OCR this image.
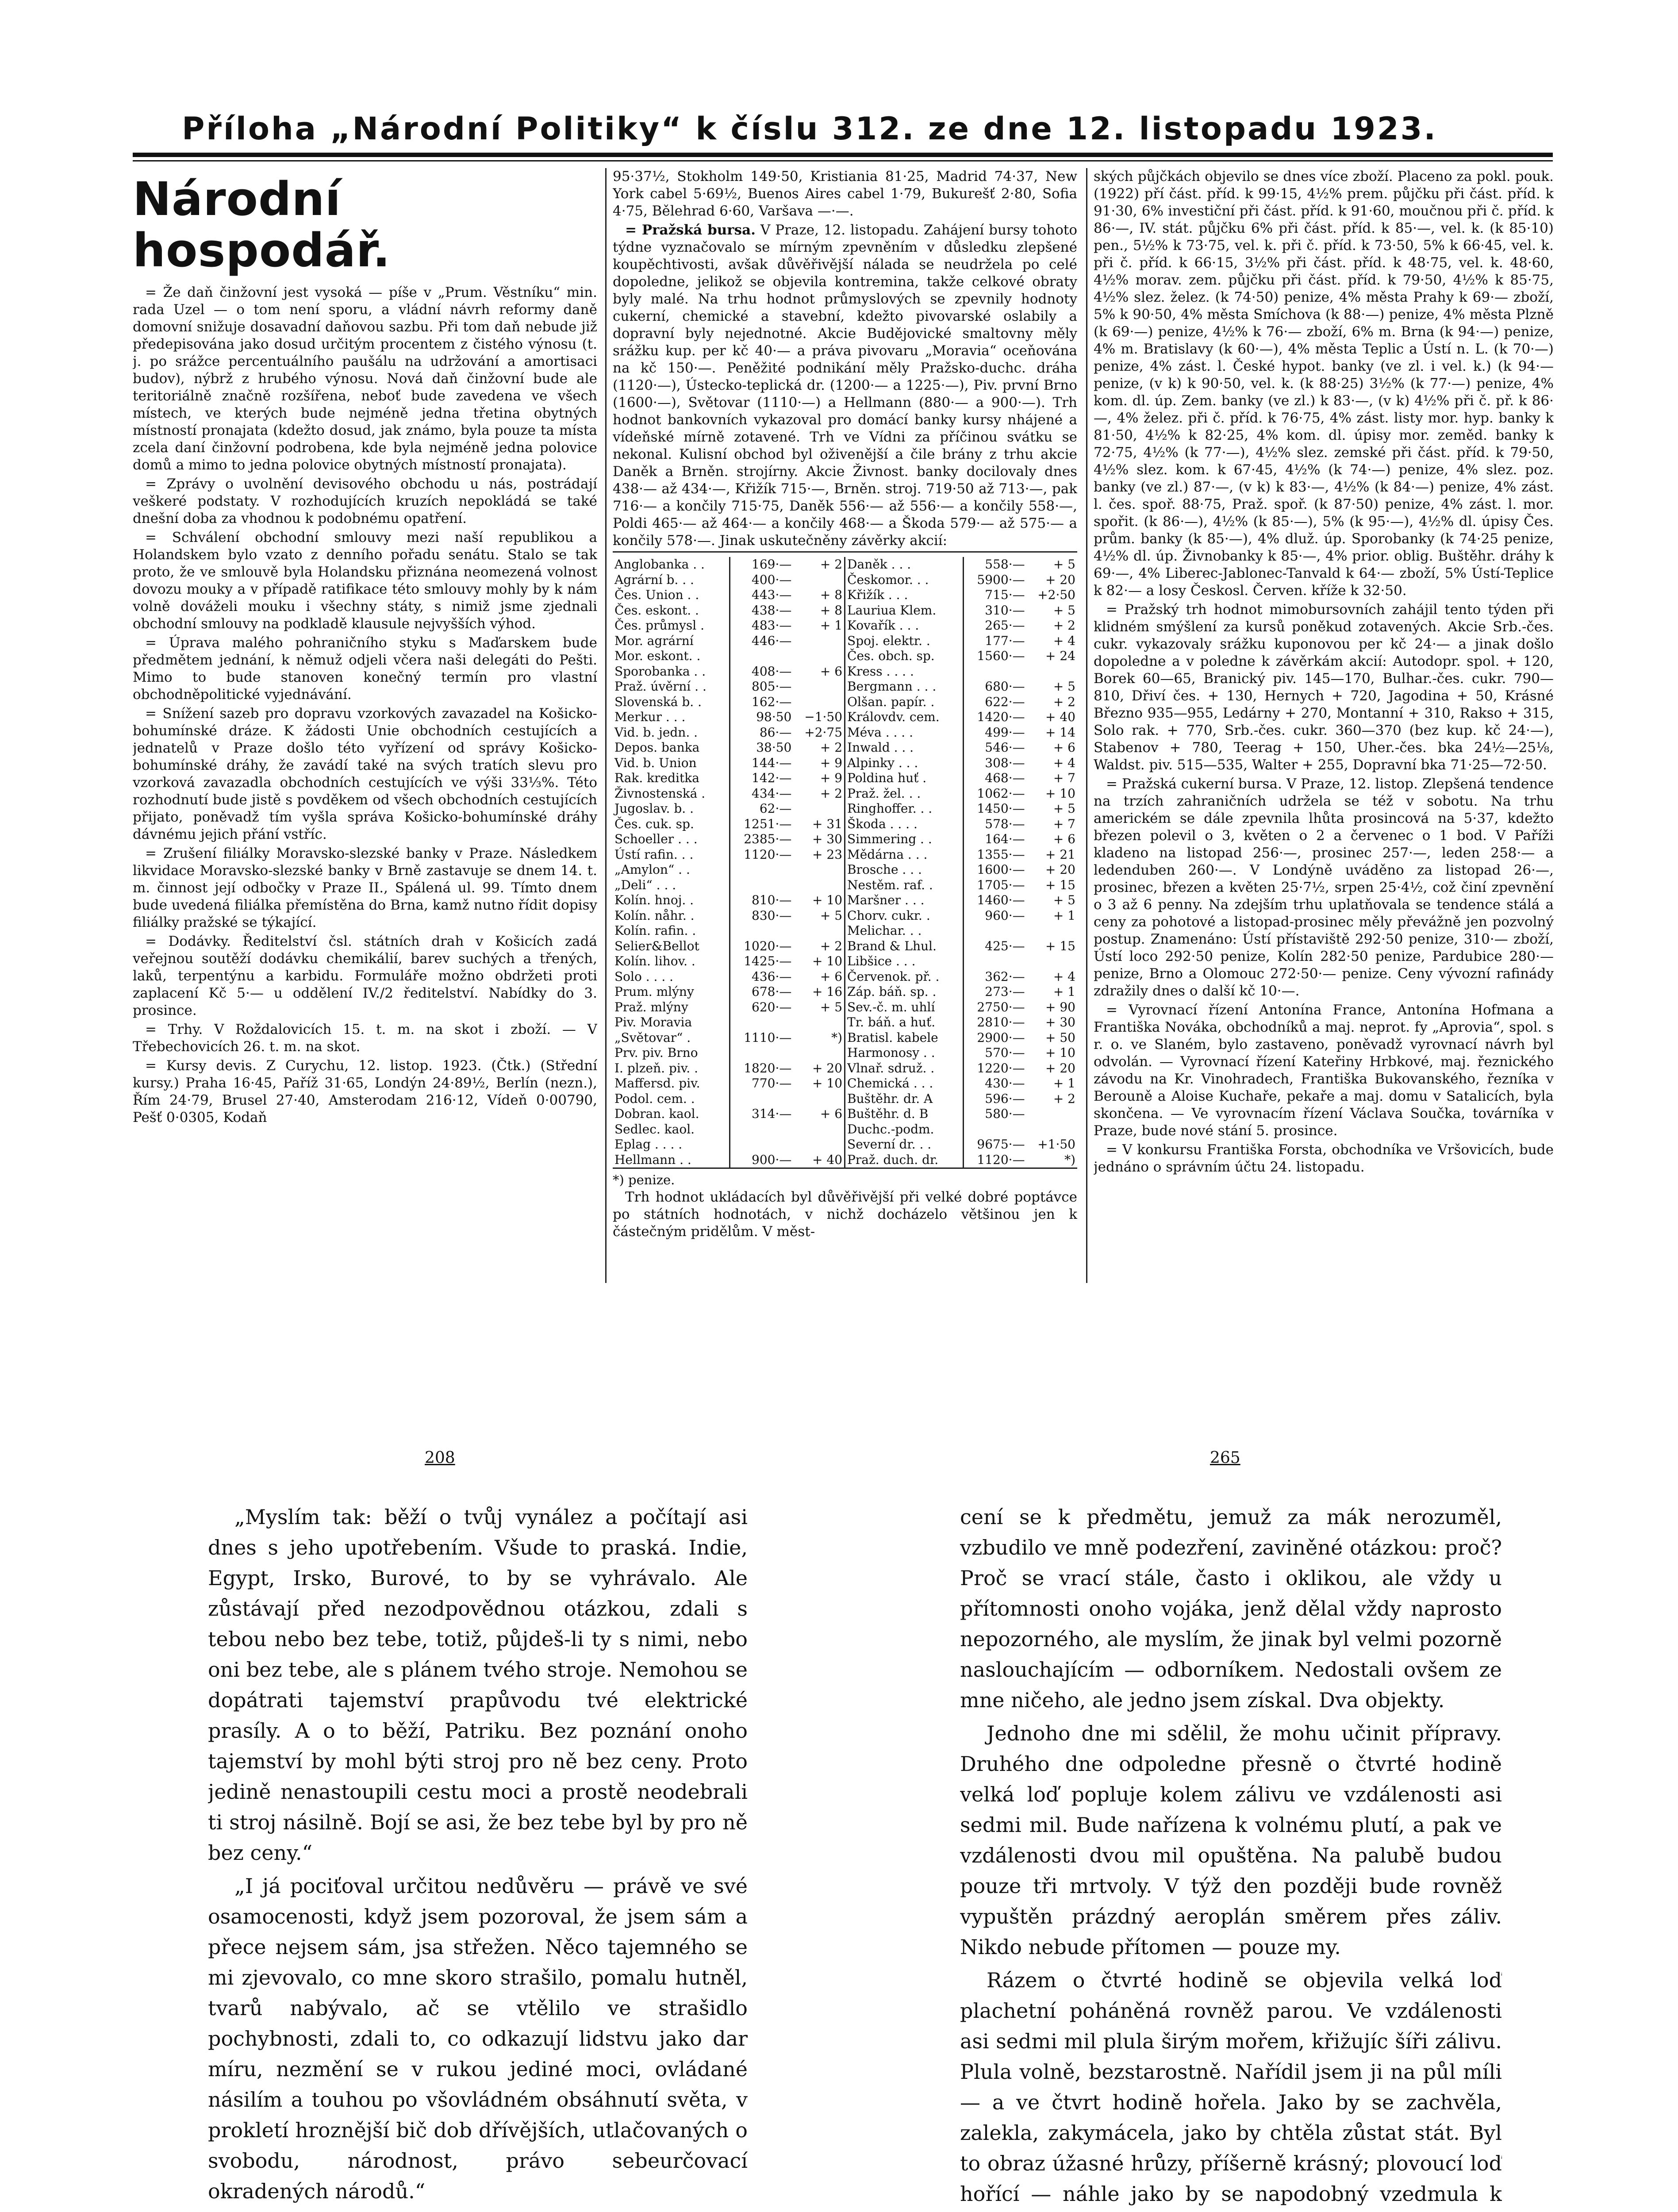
Příloha „Národní Politiky“ k číslu 312. ze dne 12. listopadu 1923.
Národní hospodář.

= Že daň činžovní jest vysoká — píše v „Prum. Věstníku“ min. rada Uzel — o tom není sporu, a vládní návrh reformy daně domovní snižuje dosavadní daňovou sazbu. Při tom daň nebude již předepisována jako dosud určitým procentem z čistého výnosu (t. j. po srážce percentuálního paušálu na udržování a amortisaci budov), nýbrž z hrubého výnosu. Nová daň činžovní bude ale teritoriálně značně rozšířena, neboť bude zavedena ve všech místech, ve kterých bude nejméně jedna třetina obytných místností pronajata (kdežto dosud, jak známo, byla pouze ta místa zcela daní činžovní podrobena, kde byla nejméně jedna polovice domů a mimo to jedna polovice obytných místností pronajata).

= Zprávy o uvolnění devisového obchodu u nás, postrádají veškeré podstaty. V rozhodujících kruzích nepokládá se také dnešní doba za vhodnou k podobnému opatření.

= Schválení obchodní smlouvy mezi naší republikou a Holandskem bylo vzato z denního pořadu senátu. Stalo se tak proto, že ve smlouvě byla Holandsku přiznána neomezená volnost dovozu mouky a v případě ratifikace této smlouvy mohly by k nám volně dováželi mouku i všechny státy, s nimiž jsme zjednali obchodní smlouvy na podkladě klausule nejvyšších výhod.

= Úprava malého pohraničního styku s Maďarskem bude předmětem jednání, k němuž odjeli včera naši delegáti do Pešti. Mimo to bude stanoven konečný termín pro vlastní obchodněpolitické vyjednávání.

= Snížení sazeb pro dopravu vzorkových zavazadel na Košicko-bohumínské dráze. K žádosti Unie obchodních cestujících a jednatelů v Praze došlo této vyřízení od správy Košicko-bohumínské dráhy, že zavádí také na svých tratích slevu pro vzorková zavazadla obchodních cestujících ve výši 33⅓%. Této rozhodnutí bude jistě s povděkem od všech obchodních cestujících přijato, poněvadž tím vyšla správa Košicko-bohumínské dráhy dávnému jejich přání vstříc.

= Zrušení filiálky Moravsko-slezské banky v Praze. Následkem likvidace Moravsko-slezské banky v Brně zastavuje se dnem 14. t. m. činnost její odbočky v Praze II., Spálená ul. 99. Tímto dnem bude uvedená filiálka přemístěna do Brna, kamž nutno řídit dopisy filiálky pražské se týkající.

= Dodávky. Ředitelství čsl. státních drah v Košicích zadá veřejnou soutěží dodávku chemikálií, barev suchých a třených, laků, terpentýnu a karbidu. Formuláře možno obdržeti proti zaplacení Kč 5·— u oddělení IV./2 ředitelství. Nabídky do 3. prosince.

= Trhy. V Roždalovicích 15. t. m. na skot i zboží. — V Třebechovicích 26. t. m. na skot.

= Kursy devis. Z Curychu, 12. listop. 1923. (Čtk.) (Střední kursy.) Praha 16·45, Paříž 31·65, Londýn 24·89½, Berlín (nezn.), Řím 24·79, Brusel 27·40, Amsterodam 216·12, Vídeň 0·00790, Pešť 0·0305, Kodaň

95·37½, Stokholm 149·50, Kristiania 81·25, Madrid 74·37, New York cabel 5·69½, Buenos Aires cabel 1·79, Bukurešť 2·80, Sofia 4·75, Bělehrad 6·60, Varšava —·—.

= Pražská bursa. V Praze, 12. listopadu. Zahájení bursy tohoto týdne vyznačovalo se mírným zpevněním v důsledku zlepšené koupěchtivosti, avšak důvěřivější nálada se neudržela po celé dopoledne, jelikož se objevila kontremina, takže celkové obraty byly malé. Na trhu hodnot průmyslových se zpevnily hodnoty cukerní, chemické a stavební, kdežto pivovarské oslabily a dopravní byly nejednotné. Akcie Budějovické smaltovny měly srážku kup. per kč 40·— a práva pivovaru „Moravia“ oceňována na kč 150·—. Peněžité podnikání měly Pražsko-duchc. dráha (1120·—), Ústecko-teplická dr. (1200·— a 1225·—), Piv. první Brno (1600·—), Světovar (1110·—) a Hellmann (880·— a 900·—). Trh hodnot bankovních vykazoval pro domácí banky kursy nhájené a vídeňské mírně zotavené. Trh ve Vídni za příčinou svátku se nekonal. Kulisní obchod byl oživenější a čile brány z trhu akcie Daněk a Brněn. strojírny. Akcie Živnost. banky docilovaly dnes 438·— až 434·—, Křižík 715·—, Brněn. stroj. 719·50 až 713·—, pak 716·— a končily 715·75, Daněk 556·— až 556·— a končily 558·—, Poldi 465·— až 464·— a končily 468·— a Škoda 579·— až 575·— a končily 578·—. Jinak uskutečněny závěrky akcií:

Anglobanka . .	169·—	+ 2	Daněk . . .	558·—	+ 5
Agrární b. . .	400·—		Českomor. . .	5900·—	+ 20
Čes. Union . .	443·—	+ 8	Křižík . . .	715·—	+2·50
Čes. eskont. .	438·—	+ 8	Lauriua Klem.	310·—	+ 5
Čes. průmysl .	483·—	+ 1	Kovařík . . .	265·—	+ 2
Mor. agrární	446·—		Spoj. elektr. .	177·—	+ 4
Mor. eskont. .			Čes. obch. sp.	1560·—	+ 24
Sporobanka . .	408·—	+ 6	Kress . . . .		
Praž. úvěrní . .	805·—		Bergmann . . .	680·—	+ 5
Slovenská b. .	162·—		Olšan. papír. .	622·—	+ 2
Merkur . . .	98·50	−1·50	Královdv. cem.	1420·—	+ 40
Vid. b. jedn. .	86·—	+2·75	Méva . . . .	499·—	+ 14
Depos. banka	38·50	+ 2	Inwald . . .	546·—	+ 6
Vid. b. Union	144·—	+ 9	Alpinky . . .	308·—	+ 4
Rak. kreditka	142·—	+ 9	Poldina huť .	468·—	+ 7
Živnostenská .	434·—	+ 2	Praž. žel. . .	1062·—	+ 10
Jugoslav. b. .	62·—		Ringhoffer. . .	1450·—	+ 5
Čes. cuk. sp.	1251·—	+ 31	Škoda . . . .	578·—	+ 7
Schoeller . . .	2385·—	+ 30	Simmering . .	164·—	+ 6
Ústí rafin. . .	1120·—	+ 23	Mědárna . . .	1355·—	+ 21
„Amylon“ . .			Brosche . . .	1600·—	+ 20
„Deli“ . . .			Nestěm. raf. .	1705·—	+ 15
Kolín. hnoj. .	810·—	+ 10	Maršner . . .	1460·—	+ 5
Kolín. nåhr. .	830·—	+ 5	Chorv. cukr. .	960·—	+ 1
Kolín. rafin. .			Melichar. . .		
Selier&Bellot	1020·—	+ 2	Brand & Lhul.	425·—	+ 15
Kolín. lihov. .	1425·—	+ 10	Libšice . . .		
Solo . . . .	436·—	+ 6	Červenok. př. .	362·—	+ 4
Prum. mlýny	678·—	+ 16	Záp. báň. sp. .	273·—	+ 1
Praž. mlýny	620·—	+ 5	Sev.-č. m. uhlí	2750·—	+ 90
Piv. Moravia			Tr. báň. a huť.	2810·—	+ 30
„Světovar“ .	1110·—	*)	Bratisl. kabele	2900·—	+ 50
Prv. piv. Brno			Harmonosy . .	570·—	+ 10
I. plzeň. piv. .	1820·—	+ 20	Vlnař. sdruž. .	1220·—	+ 20
Maffersd. piv.	770·—	+ 10	Chemická . . .	430·—	+ 1
Podol. cem. .			Buštěhr. dr. A	596·—	+ 2
Dobran. kaol.	314·—	+ 6	Buštěhr. d. B	580·—	
Sedlec. kaol.			Duchc.-podm.		
Eplag . . . .			Severní dr. . .	9675·—	+1·50
Hellmann . .	900·—	+ 40	Praž. duch. dr.	1120·—	*)
*) penize.

Trh hodnot ukládacích byl důvěřivější při velké dobré poptávce po státních hodnotách, v nichž docházelo většinou jen k částečným pridělům. V měst-

ských půjčkách objevilo se dnes více zboží. Placeno za pokl. pouk. (1922) pří část. příd. k 99·15, 4½% prem. půjčku při část. příd. k 91·30, 6% investiční při část. příd. k 91·60, moučnou při č. příd. k 86·—, IV. stát. půjčku 6% při část. příd. k 85·—, vel. k. (k 85·10) pen., 5½% k 73·75, vel. k. při č. příd. k 73·50, 5% k 66·45, vel. k. při č. příd. k 66·15, 3½% při část. příd. k 48·75, vel. k. 48·60, 4½% morav. zem. půjčku při část. příd. k 79·50, 4½% k 85·75, 4½% slez. želez. (k 74·50) penize, 4% města Prahy k 69·— zboží, 5% k 90·50, 4% města Smíchova (k 88·—) penize, 4% města Plzně (k 69·—) penize, 4½% k 76·— zboží, 6% m. Brna (k 94·—) penize, 4% m. Bratislavy (k 60·—), 4% města Teplic a Ústí n. L. (k 70·—) penize, 4% zást. l. České hypot. banky (ve zl. i vel. k.) (k 94·— penize, (v k) k 90·50, vel. k. (k 88·25) 3½% (k 77·—) penize, 4% kom. dl. úp. Zem. banky (ve zl.) k 83·—, (v k) 4½% při č. př. k 86·—, 4% želez. při č. příd. k 76·75, 4% zást. listy mor. hyp. banky k 81·50, 4½% k 82·25, 4% kom. dl. úpisy mor. zeměd. banky k 72·75, 4½% (k 77·—), 4½% slez. zemské při část. příd. k 79·50, 4½% slez. kom. k 67·45, 4½% (k 74·—) penize, 4% slez. poz. banky (ve zl.) 87·—, (v k) k 83·—, 4½% (k 84·—) penize, 4% zást. l. čes. spoř. 88·75, Praž. spoř. (k 87·50) penize, 4% zást. l. mor. spořit. (k 86·—), 4½% (k 85·—), 5% (k 95·—), 4½% dl. úpisy Čes. prům. banky (k 85·—), 4% dluž. úp. Sporobanky (k 74·25 penize, 4½% dl. úp. Živnobanky k 85·—, 4% prior. oblig. Buštěhr. dráhy k 69·—, 4% Liberec-Jablonec-Tanvald k 64·— zboží, 5% Ústí-Teplice k 82·— a losy Českosl. Červen. kříže k 32·50.

= Pražský trh hodnot mimobursovních zahájil tento týden při klidném smýšlení za kursů poněkud zotavených. Akcie Srb.-čes. cukr. vykazovaly srážku kuponovou per kč 24·— a jinak došlo dopoledne a v poledne k závěrkám akcií: Autodopr. spol. + 120, Borek 60—65, Branický piv. 145—170, Bulhar.-čes. cukr. 790—810, Dřiví čes. + 130, Hernych + 720, Jagodina + 50, Krásné Březno 935—955, Ledárny + 270, Montanní + 310, Rakso + 315, Solo rak. + 770, Srb.-čes. cukr. 360—370 (bez kup. kč 24·—), Stabenov + 780, Teerag + 150, Uher.-čes. bka 24½—25⅛, Waldst. piv. 515—535, Walter + 255, Dopravní bka 71·25—72·50.

= Pražská cukerní bursa. V Praze, 12. listop. Zlepšená tendence na trzích zahraničních udržela se též v sobotu. Na trhu americkém se dále zpevnila lhůta prosincová na 5·37, kdežto březen polevil o 3, květen o 2 a červenec o 1 bod. V Paříži kladeno na listopad 256·—, prosinec 257·—, leden 258·— a ledenduben 260·—. V Londýně uváděno za listopad 26·—, prosinec, březen a květen 25·7½, srpen 25·4½, což činí zpevnění o 3 až 6 penny. Na zdejším trhu uplatňovala se tendence stálá a ceny za pohotové a listopad-prosinec měly převážně jen pozvolný postup. Znamenáno: Ústí přístaviště 292·50 penize, 310·— zboží, Ústí loco 292·50 penize, Kolín 282·50 penize, Pardubice 280·— penize, Brno a Olomouc 272·50·— penize. Ceny vývozní rafinády zdražily dnes o další kč 10·—.

= Vyrovnací řízení Antonína France, Antonína Hofmana a Františka Nováka, obchodníků a maj. neprot. fy „Aprovia“, spol. s r. o. ve Slaném, bylo zastaveno, poněvadž vyrovnací návrh byl odvolán. — Vyrovnací řízení Kateřiny Hrbkové, maj. řeznického závodu na Kr. Vinohradech, Františka Bukovanského, řezníka v Berouně a Aloise Kuchaře, pekaře a maj. domu v Satalicích, byla skončena. — Ve vyrovnacím řízení Václava Součka, továrníka v Praze, bude nové stání 5. prosince.

= V konkursu Františka Forsta, obchodníka ve Vršovicích, bude jednáno o správním účtu 24. listopadu.

208	265

„Myslím tak: běží o tvůj vynález a počítají asi dnes s jeho upotřebením. Všude to praská. Indie, Egypt, Irsko, Burové, to by se vyhrávalo. Ale zůstávají před nezodpovědnou otázkou, zdali s tebou nebo bez tebe, totiž, půjdeš-li ty s nimi, nebo oni bez tebe, ale s plánem tvého stroje. Nemohou se dopátrati tajemství prapůvodu tvé elektrické prasíly. A o to běží, Patriku. Bez poznání onoho tajemství by mohl býti stroj pro ně bez ceny. Proto jedině nenastoupili cestu moci a prostě neodebrali ti stroj násilně. Bojí se asi, že bez tebe byl by pro ně bez ceny.“

„I já pociťoval určitou nedůvěru — právě ve své osamocenosti, když jsem pozoroval, že jsem sám a přece nejsem sám, jsa střežen. Něco tajemného se mi zjevovalo, co mne skoro strašilo, pomalu hutněl, tvarů nabývalo, ač se vtělilo ve strašidlo pochybnosti, zdali to, co odkazují lidstvu jako dar míru, nezmění se v rukou jediné moci, ovládané násilím a touhou po všovládném obsáhnutí světa, v prokletí hroznější bič dob dřívějších, utlačovaných o svobodu, národnost, právo sebeurčovací okradených národů.“

cení se k předmětu, jemuž za mák nerozuměl, vzbudilo ve mně podezření, zaviněné otázkou: proč? Proč se vrací stále, často i oklikou, ale vždy u přítomnosti onoho vojáka, jenž dělal vždy naprosto nepozorného, ale myslím, že jinak byl velmi pozorně naslouchajícím — odborníkem. Nedostali ovšem ze mne ničeho, ale jedno jsem získal. Dva objekty.

Jednoho dne mi sdělil, že mohu učinit přípravy. Druhého dne odpoledne přesně o čtvrté hodině velká loď popluje kolem zálivu ve vzdálenosti asi sedmi mil. Bude nařízena k volnému plutí, a pak ve vzdálenosti dvou mil opuštěna. Na palubě budou pouze tři mrtvoly. V týž den později bude rovněž vypuštěn prázdný aeroplán směrem přes záliv. Nikdo nebude přítomen — pouze my.

Rázem o čtvrté hodině se objevila velká loď plachetní poháněná rovněž parou. Ve vzdálenosti asi sedmi mil plula širým mořem, křižujíc šíři zálivu. Plula volně, bezstarostně. Nařídil jsem ji na půl míli — a ve čtvrt hodině hořela. Jako by se zachvěla, zalekla, zakymácela, jako by chtěla zůstat stát. Byl to obraz úžasné hrůzy, příšerně krásný; plovoucí loď hořící — náhle jako by se napodobný vzedmula k
